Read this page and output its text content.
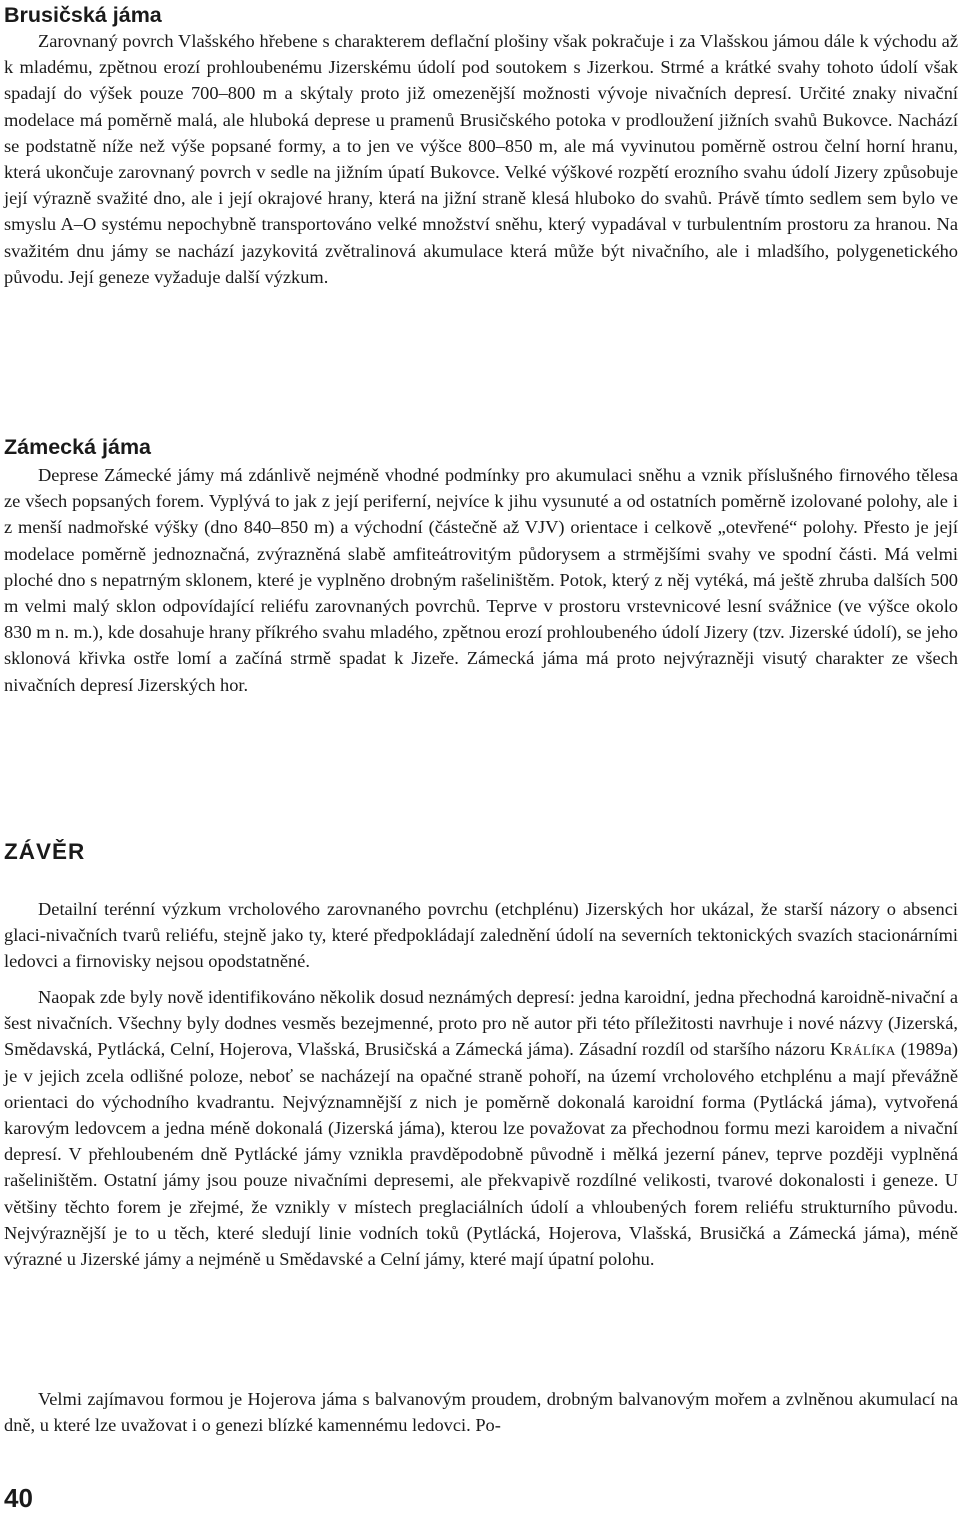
Brusičská jáma

Zarovnaný povrch Vlašského hřebene s charakterem deflační plošiny však pokračuje i za Vlašskou jámou dále k východu až k mladému, zpětnou erozí prohloubenému Jizerskému údolí pod soutokem s Jizerkou. Strmé a krátké svahy tohoto údolí však spadají do výšek pouze 700–800 m a skýtaly proto již omezenější možnosti vývoje nivačních depresí. Určité znaky nivační modelace má poměrně malá, ale hluboká deprese u pramenů Brusičského potoka v prodloužení jižních svahů Bukovce. Nachází se podstatně níže než výše popsané formy, a to jen ve výšce 800–850 m, ale má vyvinutou poměrně ostrou čelní horní hranu, která ukončuje zarovnaný povrch v sedle na jižním úpatí Bukovce. Velké výškové rozpětí erozního svahu údolí Jizery způsobuje její výrazně svažité dno, ale i její okrajové hrany, která na jižní straně klesá hluboko do svahů. Právě tímto sedlem sem bylo ve smyslu A–O systému nepochybně transportováno velké množství sněhu, který vypadával v turbulentním prostoru za hranou. Na svažitém dnu jámy se nachází jazykovitá zvětralinová akumulace která může být nivačního, ale i mladšího, polygenetického původu. Její geneze vyžaduje další výzkum.

Zámecká jáma

Deprese Zámecké jámy má zdánlivě nejméně vhodné podmínky pro akumulaci sněhu a vznik příslušného firnového tělesa ze všech popsaných forem. Vyplývá to jak z její periferní, nejvíce k jihu vysunuté a od ostatních poměrně izolované polohy, ale i z menší nadmořské výšky (dno 840–850 m) a východní (částečně až VJV) orientace i celkově „otevřené“ polohy. Přesto je její modelace poměrně jednoznačná, zvýrazněná slabě amfiteátrovitým půdorysem a strmějšími svahy ve spodní části. Má velmi ploché dno s nepatrným sklonem, které je vyplněno drobným rašeliništěm. Potok, který z něj vytéká, má ještě zhruba dalších 500 m velmi malý sklon odpovídající reliéfu zarovnaných povrchů. Teprve v prostoru vrstevnicové lesní svážnice (ve výšce okolo 830 m n. m.), kde dosahuje hrany příkrého svahu mladého, zpětnou erozí prohloubeného údolí Jizery (tzv. Jizerské údolí), se jeho sklonová křivka ostře lomí a začíná strmě spadat k Jizeře. Zámecká jáma má proto nejvýrazněji visutý charakter ze všech nivačních depresí Jizerských hor.

ZÁVĚR

Detailní terénní výzkum vrcholového zarovnaného povrchu (etchplénu) Jizerských hor ukázal, že starší názory o absenci glaci-nivačních tvarů reliéfu, stejně jako ty, které předpokládají zalednění údolí na severních tektonických svazích stacionárními ledovci a firnovisky nejsou opodstatněné.

Naopak zde byly nově identifikováno několik dosud neznámých depresí: jedna karoidní, jedna přechodná karoidně-nivační a šest nivačních. Všechny byly dodnes vesměs bezejmenné, proto pro ně autor při této příležitosti navrhuje i nové názvy (Jizerská, Smědavská, Pytlácká, Celní, Hojerova, Vlašská, Brusičská a Zámecká jáma). Zásadní rozdíl od staršího názoru Králíka (1989a) je v jejich zcela odlišné poloze, neboť se nacházejí na opačné straně pohoří, na území vrcholového etchplénu a mají převážně orientaci do východního kvadrantu. Nejvýznamnější z nich je poměrně dokonalá karoidní forma (Pytlácká jáma), vytvořená karovým ledovcem a jedna méně dokonalá (Jizerská jáma), kterou lze považovat za přechodnou formu mezi karoidem a nivační depresí. V přehloubeném dně Pytlácké jámy vznikla pravděpodobně původně i mělká jezerní pánev, teprve později vyplněná rašeliništěm. Ostatní jámy jsou pouze nivačními depresemi, ale překvapivě rozdílné velikosti, tvarové dokonalosti i geneze. U většiny těchto forem je zřejmé, že vznikly v místech preglaciálních údolí a vhloubených forem reliéfu strukturního původu. Nejvýraznější je to u těch, které sledují linie vodních toků (Pytlácká, Hojerova, Vlašská, Brusičká a Zámecká jáma), méně výrazné u Jizerské jámy a nejméně u Smědavské a Celní jámy, které mají úpatní polohu.

Velmi zajímavou formou je Hojerova jáma s balvanovým proudem, drobným balvanovým mořem a zvlněnou akumulací na dně, u které lze uvažovat i o genezi blízké kamennému ledovci. Po-

40
